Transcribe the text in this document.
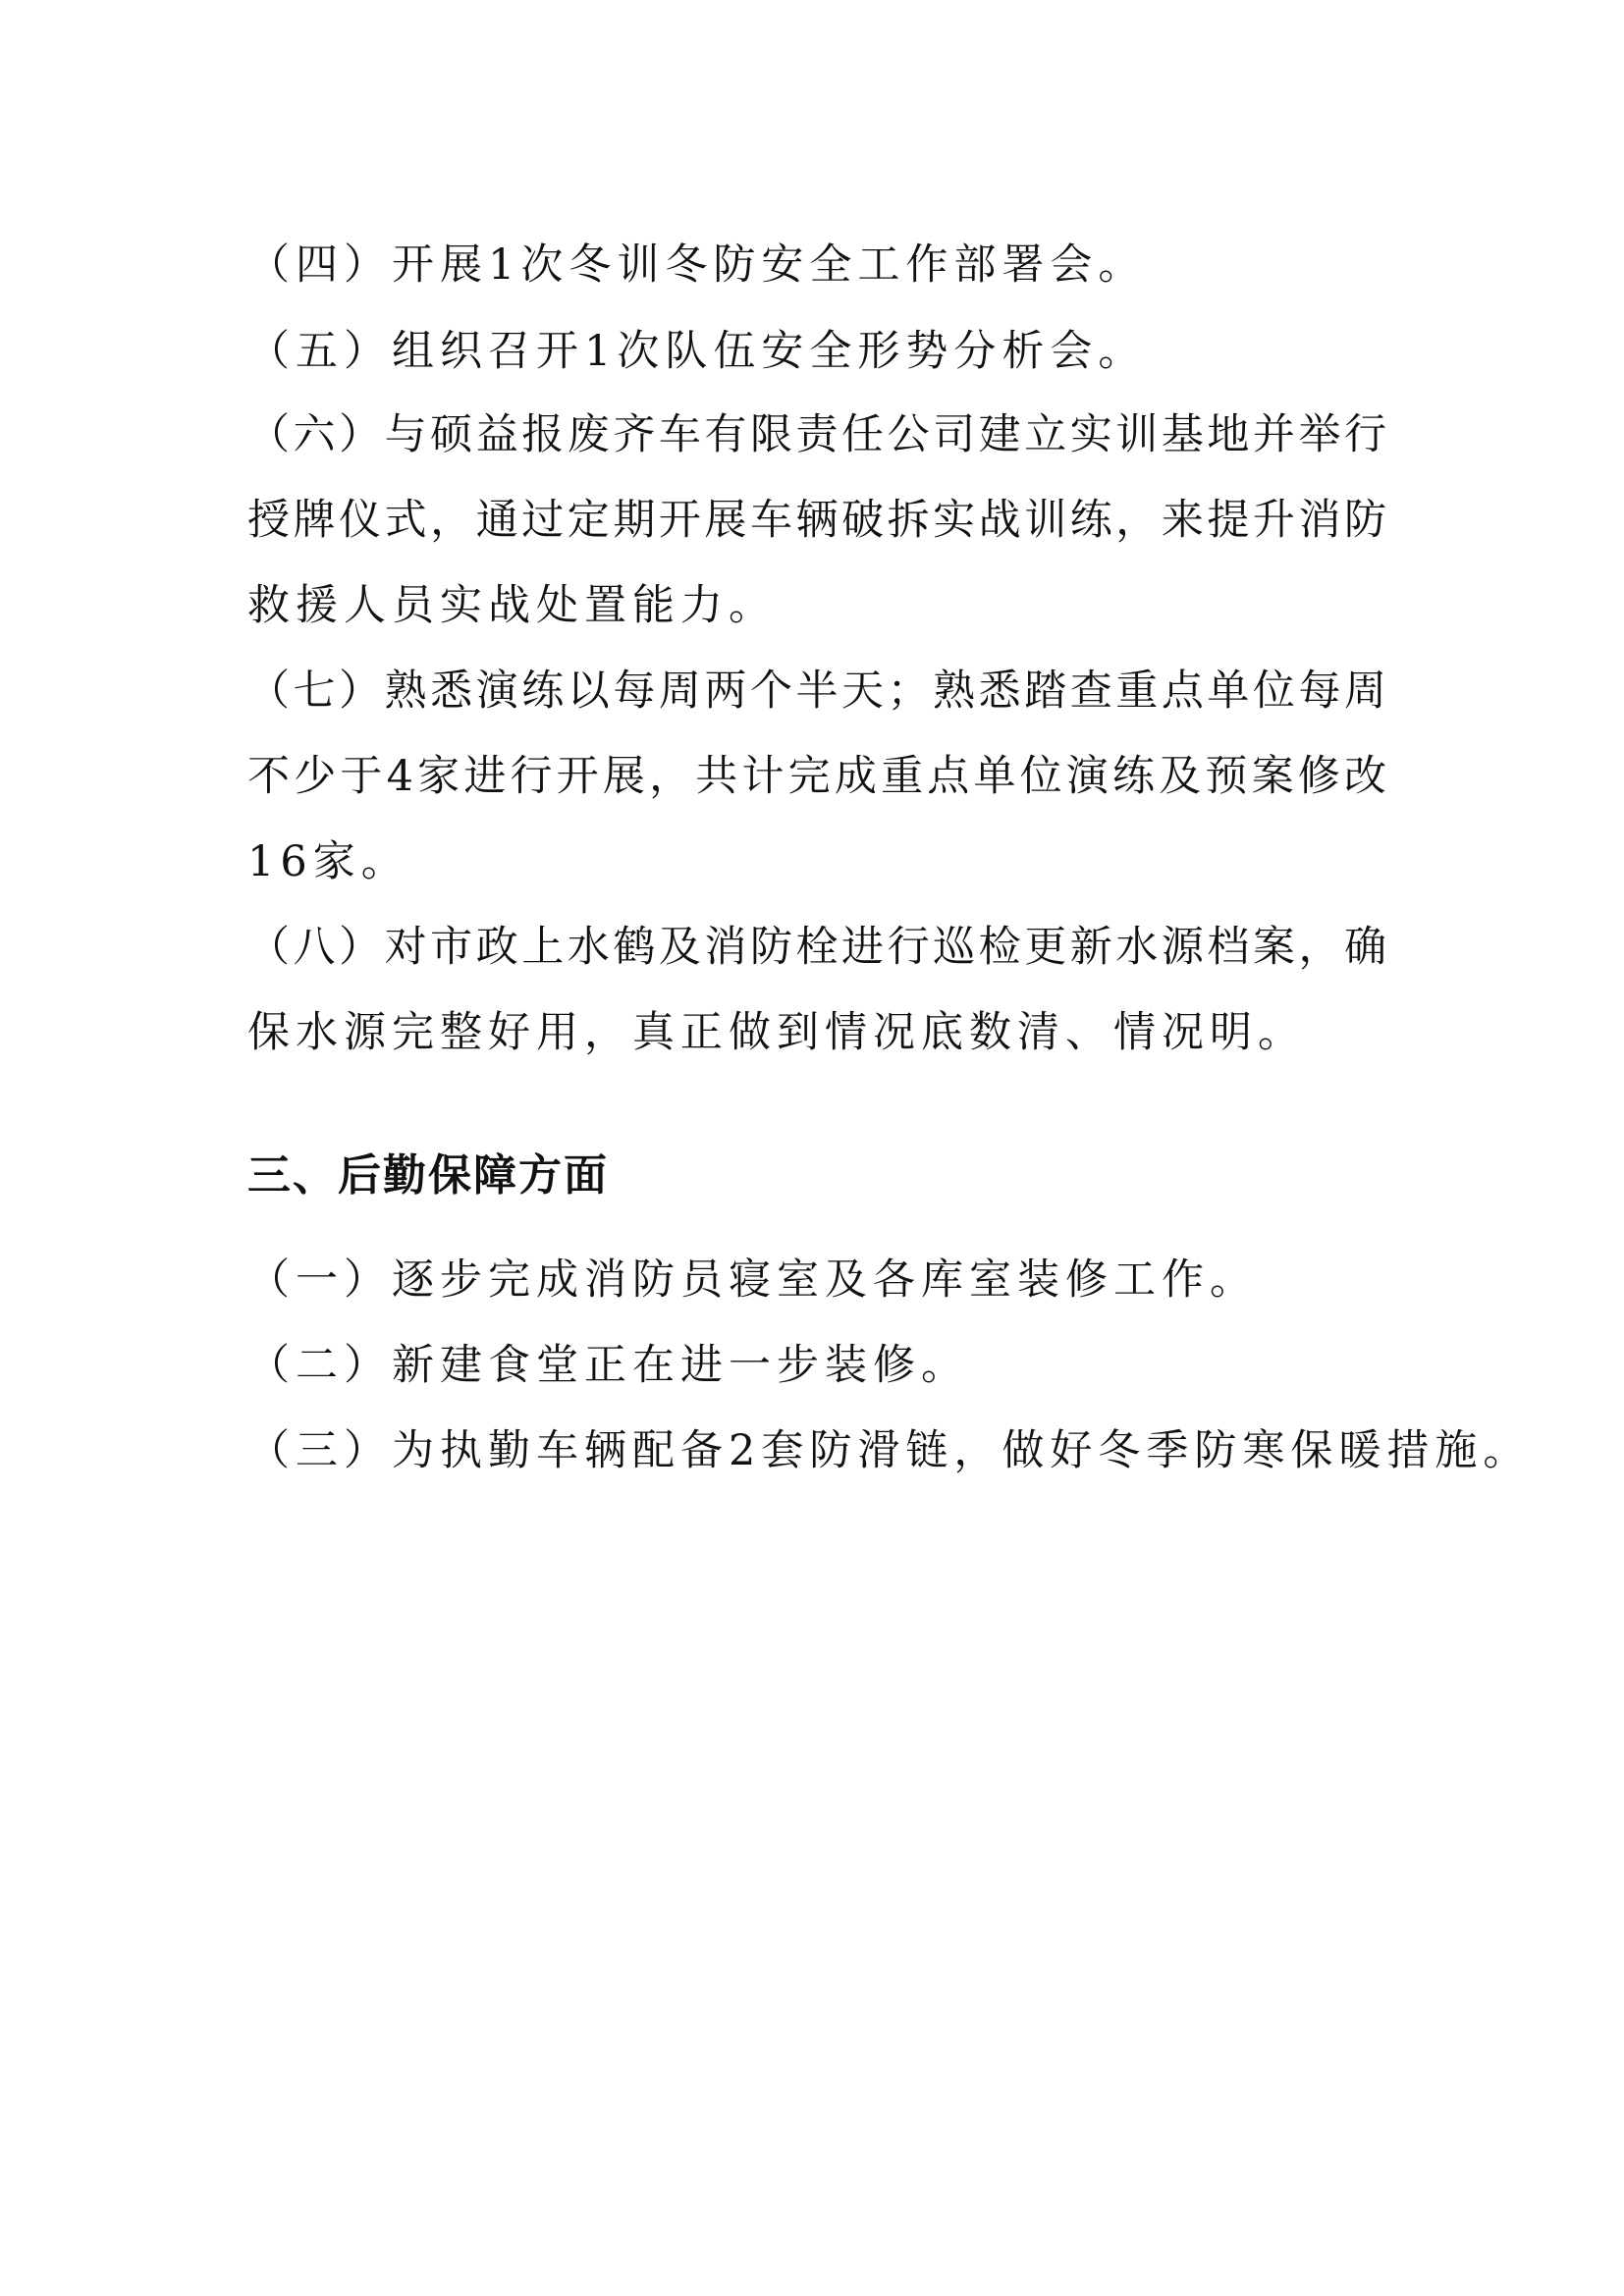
（四）开展1次冬训冬防安全工作部署会。
（五）组织召开1次队伍安全形势分析会。
（六）与硕益报废齐车有限责任公司建立实训基地并举行
授牌仪式，通过定期开展车辆破拆实战训练，来提升消防
救援人员实战处置能力。
（七）熟悉演练以每周两个半天；熟悉踏查重点单位每周
不少于4家进行开展，共计完成重点单位演练及预案修改
16家。
（八）对市政上水鹤及消防栓进行巡检更新水源档案，确
保水源完整好用，真正做到情况底数清、情况明。
三、后勤保障方面
（一）逐步完成消防员寝室及各库室装修工作。
（二）新建食堂正在进一步装修。
（三）为执勤车辆配备2套防滑链，做好冬季防寒保暖措施。
